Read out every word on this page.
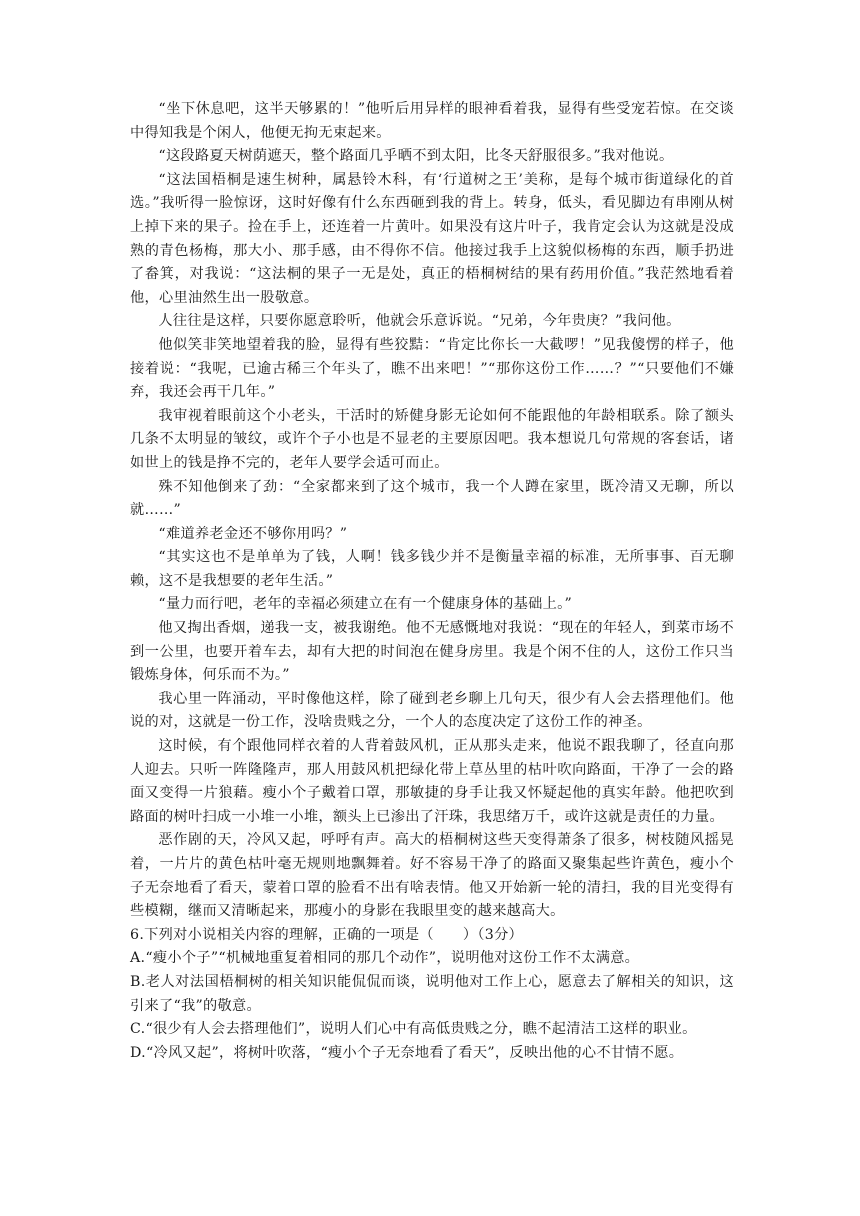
“坐下休息吧，这半天够累的！”他听后用异样的眼神看着我，显得有些受宠若惊。在交谈中得知我是个闲人，他便无拘无束起来。

“这段路夏天树荫遮天，整个路面几乎晒不到太阳，比冬天舒服很多。”我对他说。

“这法国梧桐是速生树种，属悬铃木科，有‘行道树之王’美称，是每个城市街道绿化的首选。”我听得一脸惊讶，这时好像有什么东西砸到我的背上。转身，低头，看见脚边有串刚从树上掉下来的果子。捡在手上，还连着一片黄叶。如果没有这片叶子，我肯定会认为这就是没成熟的青色杨梅，那大小、那手感，由不得你不信。他接过我手上这貌似杨梅的东西，顺手扔进了畚箕，对我说：“这法桐的果子一无是处，真正的梧桐树结的果有药用价值。”我茫然地看着他，心里油然生出一股敬意。

人往往是这样，只要你愿意聆听，他就会乐意诉说。“兄弟，今年贵庚？”我问他。

他似笑非笑地望着我的脸，显得有些狡黠：“肯定比你长一大截啰！”见我傻愣的样子，他接着说：“我呢，已逾古稀三个年头了，瞧不出来吧！”“那你这份工作……？”“只要他们不嫌弃，我还会再干几年。”

我审视着眼前这个小老头，干活时的矫健身影无论如何不能跟他的年龄相联系。除了额头几条不太明显的皱纹，或许个子小也是不显老的主要原因吧。我本想说几句常规的客套话，诸如世上的钱是挣不完的，老年人要学会适可而止。

殊不知他倒来了劲：“全家都来到了这个城市，我一个人蹲在家里，既冷清又无聊，所以就……”

“难道养老金还不够你用吗？”

“其实这也不是单单为了钱，人啊！钱多钱少并不是衡量幸福的标准，无所事事、百无聊赖，这不是我想要的老年生活。”

“量力而行吧，老年的幸福必须建立在有一个健康身体的基础上。”

他又掏出香烟，递我一支，被我谢绝。他不无感慨地对我说：“现在的年轻人，到菜市场不到一公里，也要开着车去，却有大把的时间泡在健身房里。我是个闲不住的人，这份工作只当锻炼身体，何乐而不为。”

我心里一阵涌动，平时像他这样，除了碰到老乡聊上几句天，很少有人会去搭理他们。他说的对，这就是一份工作，没啥贵贱之分，一个人的态度决定了这份工作的神圣。

这时候，有个跟他同样衣着的人背着鼓风机，正从那头走来，他说不跟我聊了，径直向那人迎去。只听一阵隆隆声，那人用鼓风机把绿化带上草丛里的枯叶吹向路面，干净了一会的路面又变得一片狼藉。瘦小个子戴着口罩，那敏捷的身手让我又怀疑起他的真实年龄。他把吹到路面的树叶扫成一小堆一小堆，额头上已渗出了汗珠，我思绪万千，或许这就是责任的力量。

恶作剧的天，冷风又起，呼呼有声。高大的梧桐树这些天变得萧条了很多，树枝随风摇晃着，一片片的黄色枯叶毫无规则地飘舞着。好不容易干净了的路面又聚集起些许黄色，瘦小个子无奈地看了看天，蒙着口罩的脸看不出有啥表情。他又开始新一轮的清扫，我的目光变得有些模糊，继而又清晰起来，那瘦小的身影在我眼里变的越来越高大。

6.下列对小说相关内容的理解，正确的一项是（　　）（3分）

A.“瘦小个子”“机械地重复着相同的那几个动作”，说明他对这份工作不太满意。

B.老人对法国梧桐树的相关知识能侃侃而谈，说明他对工作上心，愿意去了解相关的知识，这引来了“我”的敬意。

C.“很少有人会去搭理他们”，说明人们心中有高低贵贱之分，瞧不起清洁工这样的职业。

D.“冷风又起”，将树叶吹落，“瘦小个子无奈地看了看天”，反映出他的心不甘情不愿。
